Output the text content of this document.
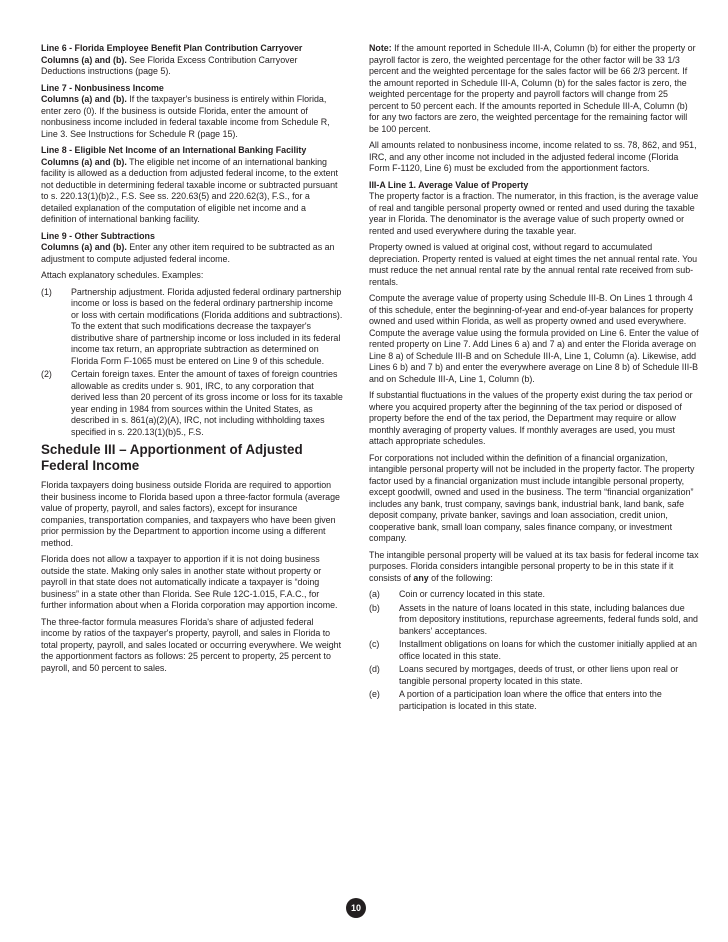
Line 6 - Florida Employee Benefit Plan Contribution Carryover
Columns (a) and (b). See Florida Excess Contribution Carryover Deductions instructions (page 5).

Line 7 - Nonbusiness Income
Columns (a) and (b). If the taxpayer's business is entirely within Florida, enter zero (0). If the business is outside Florida, enter the amount of nonbusiness income included in federal taxable income from Schedule R, Line 3. See Instructions for Schedule R (page 15).

Line 8 - Eligible Net Income of an International Banking Facility
Columns (a) and (b). The eligible net income of an international banking facility is allowed as a deduction from adjusted federal income, to the extent not deductible in determining federal taxable income or subtracted pursuant to s. 220.13(1)(b)2., F.S. See ss. 220.63(5) and 220.62(3), F.S., for a detailed explanation of the computation of eligible net income and a definition of international banking facility.

Line 9 - Other Subtractions
Columns (a) and (b). Enter any other item required to be subtracted as an adjustment to compute adjusted federal income.

Attach explanatory schedules. Examples:

(1)	Partnership adjustment. Florida adjusted federal ordinary partnership income or loss is based on the federal ordinary partnership income or loss with certain modifications (Florida additions and subtractions). To the extent that such modifications decrease the taxpayer's distributive share of partnership income or loss included in its federal income tax return, an appropriate subtraction as determined on Florida Form F-1065 must be entered on Line 9 of this schedule.
(2)	Certain foreign taxes. Enter the amount of taxes of foreign countries allowable as credits under s. 901, IRC, to any corporation that derived less than 20 percent of its gross income or loss for its taxable year ending in 1984 from sources within the United States, as described in s. 861(a)(2)(A), IRC, not including withholding taxes specified in s. 220.13(1)(b)5., F.S.
Schedule III – Apportionment of Adjusted Federal Income

Florida taxpayers doing business outside Florida are required to apportion their business income to Florida based upon a three-factor formula (average value of property, payroll, and sales factors), except for insurance companies, transportation companies, and taxpayers who have been given prior permission by the Department to apportion income using a different method.

Florida does not allow a taxpayer to apportion if it is not doing business outside the state. Making only sales in another state without property or payroll in that state does not automatically indicate a taxpayer is “doing business” in a state other than Florida. See Rule 12C-1.015, F.A.C., for further information about when a Florida corporation may apportion income.

The three-factor formula measures Florida's share of adjusted federal income by ratios of the taxpayer's property, payroll, and sales in Florida to total property, payroll, and sales located or occurring everywhere. We weight the apportionment factors as follows: 25 percent to property, 25 percent to payroll, and 50 percent to sales.

Note: If the amount reported in Schedule III-A, Column (b) for either the property or payroll factor is zero, the weighted percentage for the other factor will be 33 1/3 percent and the weighted percentage for the sales factor will be 66 2/3 percent. If the amount reported in Schedule III-A, Column (b) for the sales factor is zero, the weighted percentage for the property and payroll factors will change from 25 percent to 50 percent each. If the amounts reported in Schedule III-A, Column (b) for any two factors are zero, the weighted percentage for the remaining factor will be 100 percent.

All amounts related to nonbusiness income, income related to ss. 78, 862, and 951, IRC, and any other income not included in the adjusted federal income (Florida Form F-1120, Line 6) must be excluded from the apportionment factors.

III-A Line 1. Average Value of Property
The property factor is a fraction. The numerator, in this fraction, is the average value of real and tangible personal property owned or rented and used during the taxable year in Florida. The denominator is the average value of such property owned or rented and used everywhere during the taxable year.

Property owned is valued at original cost, without regard to accumulated depreciation. Property rented is valued at eight times the net annual rental rate. You must reduce the net annual rental rate by the annual rental rate received from sub-rentals.

Compute the average value of property using Schedule III-B. On Lines 1 through 4 of this schedule, enter the beginning-of-year and end-of-year balances for property owned and used within Florida, as well as property owned and used everywhere. Compute the average value using the formula provided on Line 6. Enter the value of rented property on Line 7. Add Lines 6 a) and 7 a) and enter the Florida average on Line 8 a) of Schedule III-B and on Schedule III-A, Line 1, Column (a). Likewise, add Lines 6 b) and 7 b) and enter the everywhere average on Line 8 b) of Schedule III-B and on Schedule III-A, Line 1, Column (b).

If substantial fluctuations in the values of the property exist during the tax period or where you acquired property after the beginning of the tax period or disposed of property before the end of the tax period, the Department may require or allow monthly averaging of property values. If monthly averages are used, you must attach appropriate schedules.

For corporations not included within the definition of a financial organization, intangible personal property will not be included in the property factor. The property factor used by a financial organization must include intangible personal property, except goodwill, owned and used in the business. The term “financial organization” includes any bank, trust company, savings bank, industrial bank, land bank, safe deposit company, private banker, savings and loan association, credit union, cooperative bank, small loan company, sales finance company, or investment company.

The intangible personal property will be valued at its tax basis for federal income tax purposes. Florida considers intangible personal property to be in this state if it consists of any of the following:

(a)	Coin or currency located in this state.
(b)	Assets in the nature of loans located in this state, including balances due from depository institutions, repurchase agreements, federal funds sold, and bankers' acceptances.
(c)	Installment obligations on loans for which the customer initially applied at an office located in this state.
(d)	Loans secured by mortgages, deeds of trust, or other liens upon real or tangible personal property located in this state.
(e)	A portion of a participation loan where the office that enters into the participation is located in this state.
10
